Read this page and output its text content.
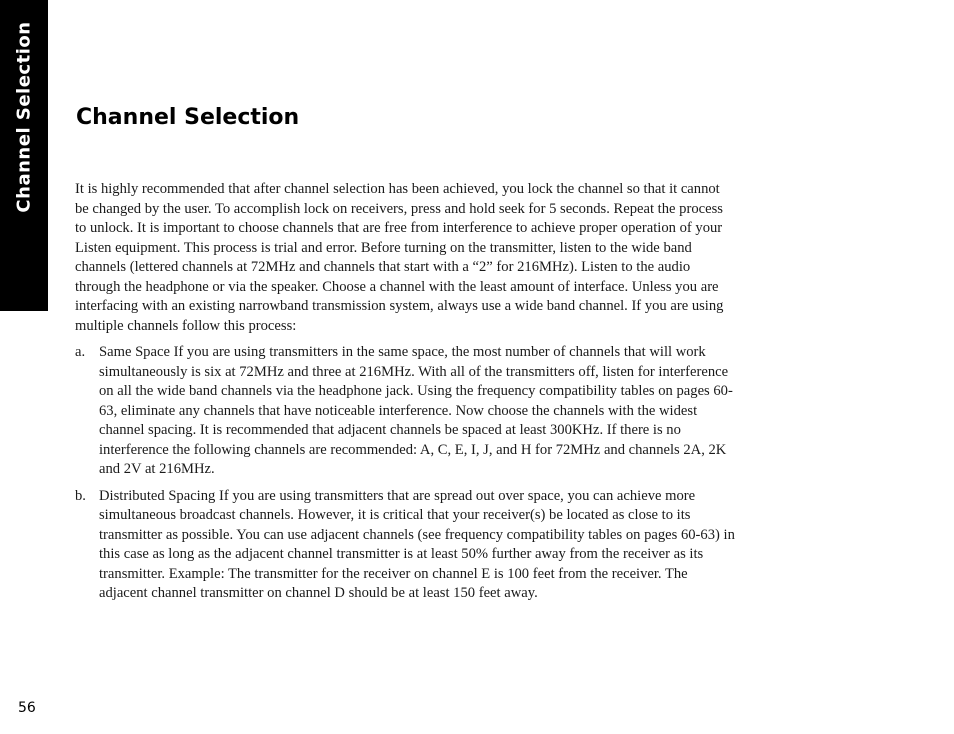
Channel Selection Channel Selection

It is highly recommended that after channel selection has been achieved, you lock the channel so that it cannot be changed by the user. To accomplish lock on receivers, press and hold seek for 5 seconds. Repeat the process to unlock. It is important to choose channels that are free from interference to achieve proper operation of your Listen equipment. This process is trial and error. Before turning on the transmitter, listen to the wide band channels (lettered channels at 72MHz and channels that start with a “2” for 216MHz). Listen to the audio through the headphone or via the speaker. Choose a channel with the least amount of interface. Unless you are interfacing with an existing narrowband transmission system, always use a wide band channel. If you are using multiple channels follow this process:

a. Same Space If you are using transmitters in the same space, the most number of channels that will work simultaneously is six at 72MHz and three at 216MHz. With all of the transmitters off, listen for interference on all the wide band channels via the headphone jack. Using the frequency compatibility tables on pages 60-63, eliminate any channels that have noticeable interference. Now choose the channels with the widest channel spacing. It is recommended that adjacent channels be spaced at least 300KHz. If there is no interference the following channels are recommended: A, C, E, I, J, and H for 72MHz and channels 2A, 2K and 2V at 216MHz.
b. Distributed Spacing If you are using transmitters that are spread out over space, you can achieve more simultaneous broadcast channels. However, it is critical that your receiver(s) be located as close to its transmitter as possible. You can use adjacent channels (see frequency compatibility tables on pages 60-63) in this case as long as the adjacent channel transmitter is at least 50% further away from the receiver as its transmitter. Example: The transmitter for the receiver on channel E is 100 feet from the receiver. The adjacent channel transmitter on channel D should be at least 150 feet away.
56
